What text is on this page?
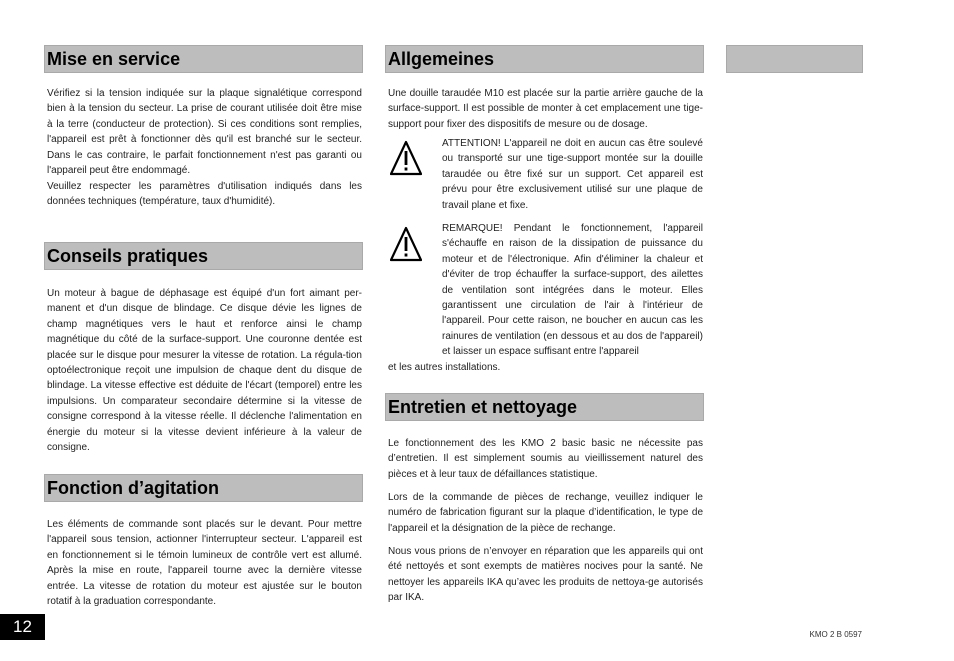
Mise en service

Vérifiez si la tension indiquée sur la plaque signalétique correspond bien à la tension du secteur. La prise de courant utilisée doit être mise à la terre (conducteur de protection). Si ces conditions sont remplies, l'appareil est prêt à fonctionner dès qu'il est branché sur le secteur. Dans le cas contraire, le parfait fonctionnement n'est pas garanti ou l'appareil peut être endommagé.

Veuillez respecter les paramètres d'utilisation indiqués dans les données techniques (température, taux d'humidité).

Conseils pratiques

Un moteur à bague de déphasage est équipé d'un fort aimant per-manent et d'un disque de blindage. Ce disque dévie les lignes de champ magnétiques vers le haut et renforce ainsi le champ magnétique du côté de la surface-support. Une couronne dentée est placée sur le disque pour mesurer la vitesse de rotation. La régula-tion optoélectronique reçoit une impulsion de chaque dent du disque de blindage. La vitesse effective est déduite de l'écart (temporel) entre les impulsions. Un comparateur secondaire détermine si la vitesse de consigne correspond à la vitesse réelle. Il déclenche l'alimentation en énergie du moteur si la vitesse devient inférieure à la valeur de consigne.

Fonction d’agitation

Les éléments de commande sont placés sur le devant. Pour mettre l'appareil sous tension, actionner l'interrupteur secteur. L'appareil est en fonctionnement si le témoin lumineux de contrôle vert est allumé. Après la mise en route, l'appareil tourne avec la dernière vitesse entrée. La vitesse de rotation du moteur est ajustée sur le bouton rotatif à la graduation correspondante.

Allgemeines

Une douille taraudée M10 est placée sur la partie arrière gauche de la surface-support. Il est possible de monter à cet emplacement une tige-support pour fixer des dispositifs de mesure ou de dosage.

ATTENTION! L'appareil ne doit en aucun cas être soulevé ou transporté sur une tige-support montée sur la douille taraudée ou être fixé sur un support. Cet appareil est prévu pour être exclusivement utilisé sur une plaque de travail plane et fixe.

REMARQUE! Pendant le fonctionnement, l'appareil s'échauffe en raison de la dissipation de puissance du moteur et de l'électronique. Afin d'éliminer la chaleur et d'éviter de trop échauffer la surface-support, des ailettes de ventilation sont intégrées dans le moteur. Elles garantissent une circulation de l'air à l'intérieur de l'appareil. Pour cette raison, ne boucher en aucun cas les rainures de ventilation (en dessous et au dos de l'appareil) et laisser un espace suffisant entre l'appareil

et les autres installations.

Entretien et nettoyage

Le fonctionnement des les KMO 2 basic basic ne nécessite pas d’entretien. Il est simplement soumis au vieillissement naturel des pièces et à leur taux de défaillances statistique.

Lors de la commande de pièces de rechange, veuillez indiquer le numéro de fabrication figurant sur la plaque d’identification, le type de l'appareil et la désignation de la pièce de rechange.

Nous vous prions de n’envoyer en réparation que les appareils qui ont été nettoyés et sont exempts de matières nocives pour la santé. Ne nettoyer les appareils IKA qu’avec les produits de nettoya-ge autorisés par IKA.

12	KMO 2 B 0597
